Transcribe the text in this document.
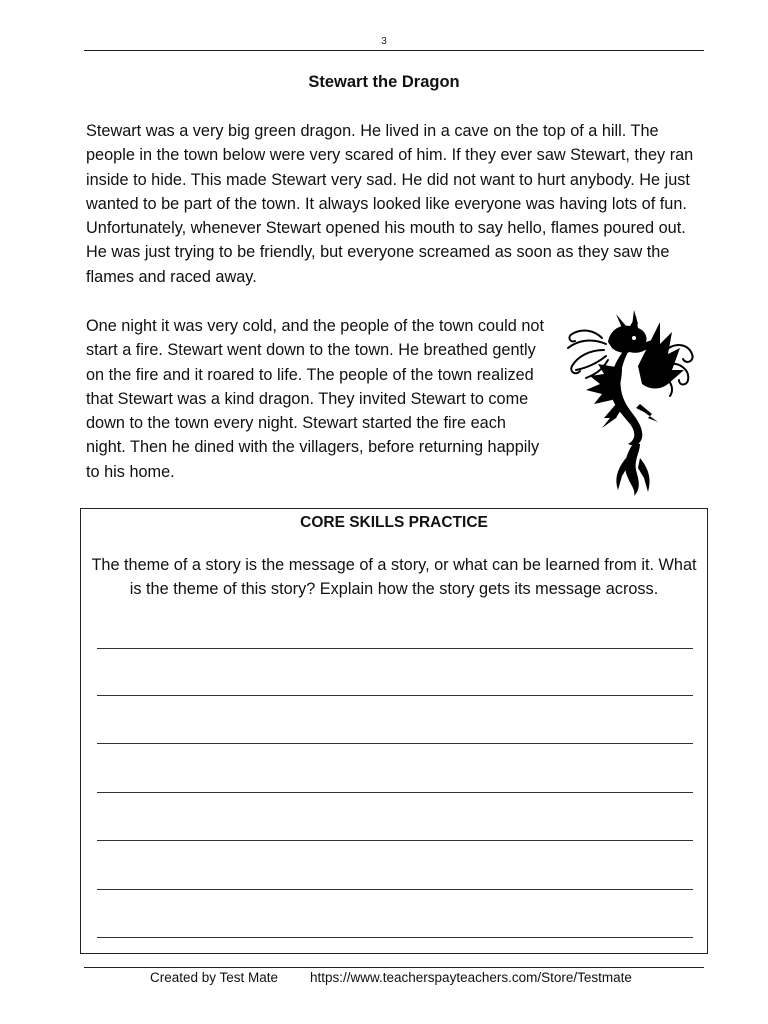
3
Stewart the Dragon

Stewart was a very big green dragon. He lived in a cave on the top of a hill. The people in the town below were very scared of him. If they ever saw Stewart, they ran inside to hide. This made Stewart very sad. He did not want to hurt anybody. He just wanted to be part of the town. It always looked like everyone was having lots of fun. Unfortunately, whenever Stewart opened his mouth to say hello, flames poured out. He was just trying to be friendly, but everyone screamed as soon as they saw the flames and raced away.

One night it was very cold, and the people of the town could not start a fire. Stewart went down to the town. He breathed gently on the fire and it roared to life. The people of the town realized that Stewart was a kind dragon. They invited Stewart to come down to the town every night. Stewart started the fire each night. Then he dined with the villagers, before returning happily to his home.

CORE SKILLS PRACTICE

The theme of a story is the message of a story, or what can be learned from it. What is the theme of this story? Explain how the story gets its message across.

Created by Test Mate https://www.teacherspayteachers.com/Store/Testmate
